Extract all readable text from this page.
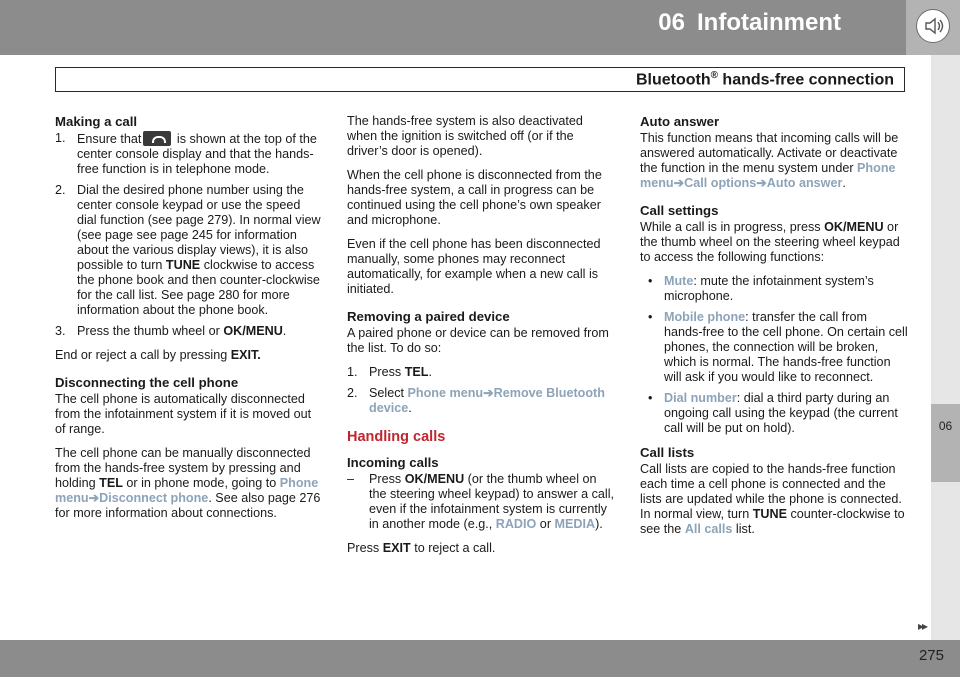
06 Infotainment
Bluetooth® hands-free connection
06
Making a call
1. Ensure that	is shown at the top of the center console display and that the hands-free function is in telephone mode.
2. Dial the desired phone number using the center console keypad or use the speed dial function (see page 279). In normal view (see page see page 245 for information about the various display views), it is also possible to turn TUNE clockwise to access the phone book and then counter-clockwise for the call list. See page 280 for more information about the phone book.
3. Press the thumb wheel or OK/MENU.

End or reject a call by pressing EXIT.

Disconnecting the cell phone

The cell phone is automatically disconnected from the infotainment system if it is moved out of range.

The cell phone can be manually disconnected from the hands-free system by pressing and holding TEL or in phone mode, going to Phone menu➔Disconnect phone. See also page 276 for more information about connections.

The hands-free system is also deactivated when the ignition is switched off (or if the driver’s door is opened).

When the cell phone is disconnected from the hands-free system, a call in progress can be continued using the cell phone’s own speaker and microphone.

Even if the cell phone has been disconnected manually, some phones may reconnect automatically, for example when a new call is initiated.

Removing a paired device

A paired phone or device can be removed from the list. To do so:

1. Press TEL.
2. Select Phone menu➔Remove Bluetooth device.
Handling calls
Incoming calls
– Press OK/MENU (or the thumb wheel on the steering wheel keypad) to answer a call, even if the infotainment system is currently in another mode (e.g., RADIO or MEDIA).

Press EXIT to reject a call.

Auto answer

This function means that incoming calls will be answered automatically. Activate or deactivate the function in the menu system under Phone menu➔Call options➔Auto answer.

Call settings

While a call is in progress, press OK/MENU or the thumb wheel on the steering wheel keypad to access the following functions:

• Mute: mute the infotainment system’s microphone.
• Mobile phone: transfer the call from hands-free to the cell phone. On certain cell phones, the connection will be broken, which is normal. The hands-free function will ask if you would like to reconnect.
• Dial number: dial a third party during an ongoing call using the keypad (the current call will be put on hold).
Call lists

Call lists are copied to the hands-free function each time a cell phone is connected and the lists are updated while the phone is connected. In normal view, turn TUNE counter-clockwise to see the All calls list.

▸▸
275
